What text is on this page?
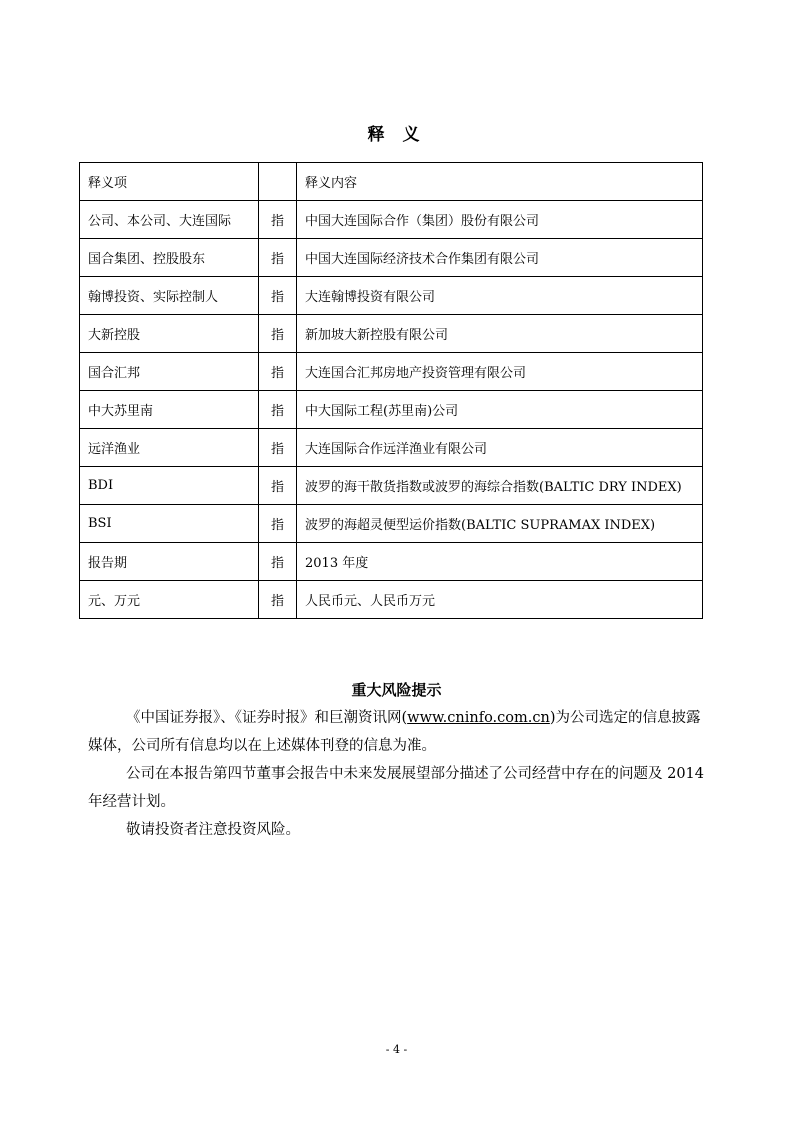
释 义
释义项		释义内容
公司、本公司、大连国际	指	中国大连国际合作（集团）股份有限公司
国合集团、控股股东	指	中国大连国际经济技术合作集团有限公司
翰博投资、实际控制人	指	大连翰博投资有限公司
大新控股	指	新加坡大新控股有限公司
国合汇邦	指	大连国合汇邦房地产投资管理有限公司
中大苏里南	指	中大国际工程(苏里南)公司
远洋渔业	指	大连国际合作远洋渔业有限公司
BDI	指	波罗的海干散货指数或波罗的海综合指数(BALTIC DRY INDEX)
BSI	指	波罗的海超灵便型运价指数(BALTIC SUPRAMAX INDEX)
报告期	指	2013 年度
元、万元	指	人民币元、人民币万元
重大风险提示
《中国证券报》、《证券时报》和巨潮资讯网(www.cninfo.com.cn)为公司选定的信息披露媒体，公司所有信息均以在上述媒体刊登的信息为准。
公司在本报告第四节董事会报告中未来发展展望部分描述了公司经营中存在的问题及 2014 年经营计划。
敬请投资者注意投资风险。
- 4 -
